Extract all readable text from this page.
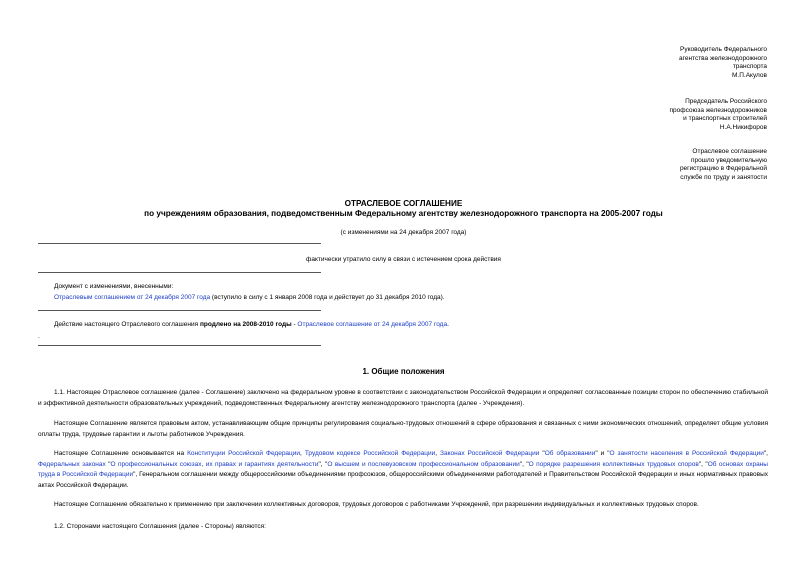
Руководитель Федерального
агентства железнодорожного
транспорта
М.П.Акулов
Председатель Российского
профсоюза железнодорожников
и транспортных строителей
Н.А.Никифоров
Отраслевое соглашение
прошло уведомительную
регистрацию в Федеральной
службе по труду и занятости
ОТРАСЛЕВОЕ СОГЛАШЕНИЕ
по учреждениям образования, подведомственным Федеральному агентству железнодорожного транспорта на 2005-2007 годы
(с изменениями на 24 декабря 2007 года)
фактически утратило силу в связи с истечением срока действия
Документ с изменениями, внесенными:
Отраслевым соглашением от 24 декабря 2007 года (вступило в силу с 1 января 2008 года и действует до 31 декабря 2010 года).
Действие настоящего Отраслевого соглашения продлено на 2008-2010 годы - Отраслевое соглашение от 24 декабря 2007 года.
.
1. Общие положения
1.1. Настоящее Отраслевое соглашение (далее - Соглашение) заключено на федеральном уровне в соответствии с законодательством Российской Федерации и определяет согласованные позиции сторон по обеспечению стабильной и эффективной деятельности образовательных учреждений, подведомственных Федеральному агентству железнодорожного транспорта (далее - Учреждения).
Настоящее Соглашение является правовым актом, устанавливающим общие принципы регулирования социально-трудовых отношений в сфере образования и связанных с ними экономических отношений, определяет общие условия оплаты труда, трудовые гарантии и льготы работников Учреждения.
Настоящее Соглашение основывается на Конституции Российской Федерации, Трудовом кодексе Российской Федерации, Законах Российской Федерации "Об образовании" и "О занятости населения в Российской Федерации", Федеральных законах "О профессиональных союзах, их правах и гарантиях деятельности", "О высшем и послевузовском профессиональном образовании", "О порядке разрешения коллективных трудовых споров", "Об основах охраны труда в Российской Федерации", Генеральном соглашении между общероссийскими объединениями профсоюзов, общероссийскими объединениями работодателей и Правительством Российской Федерации и иных нормативных правовых актах Российской Федерации.
Настоящее Соглашение обязательно к применению при заключении коллективных договоров, трудовых договоров с работниками Учреждений, при разрешении индивидуальных и коллективных трудовых споров.
1.2. Сторонами настоящего Соглашения (далее - Стороны) являются:
